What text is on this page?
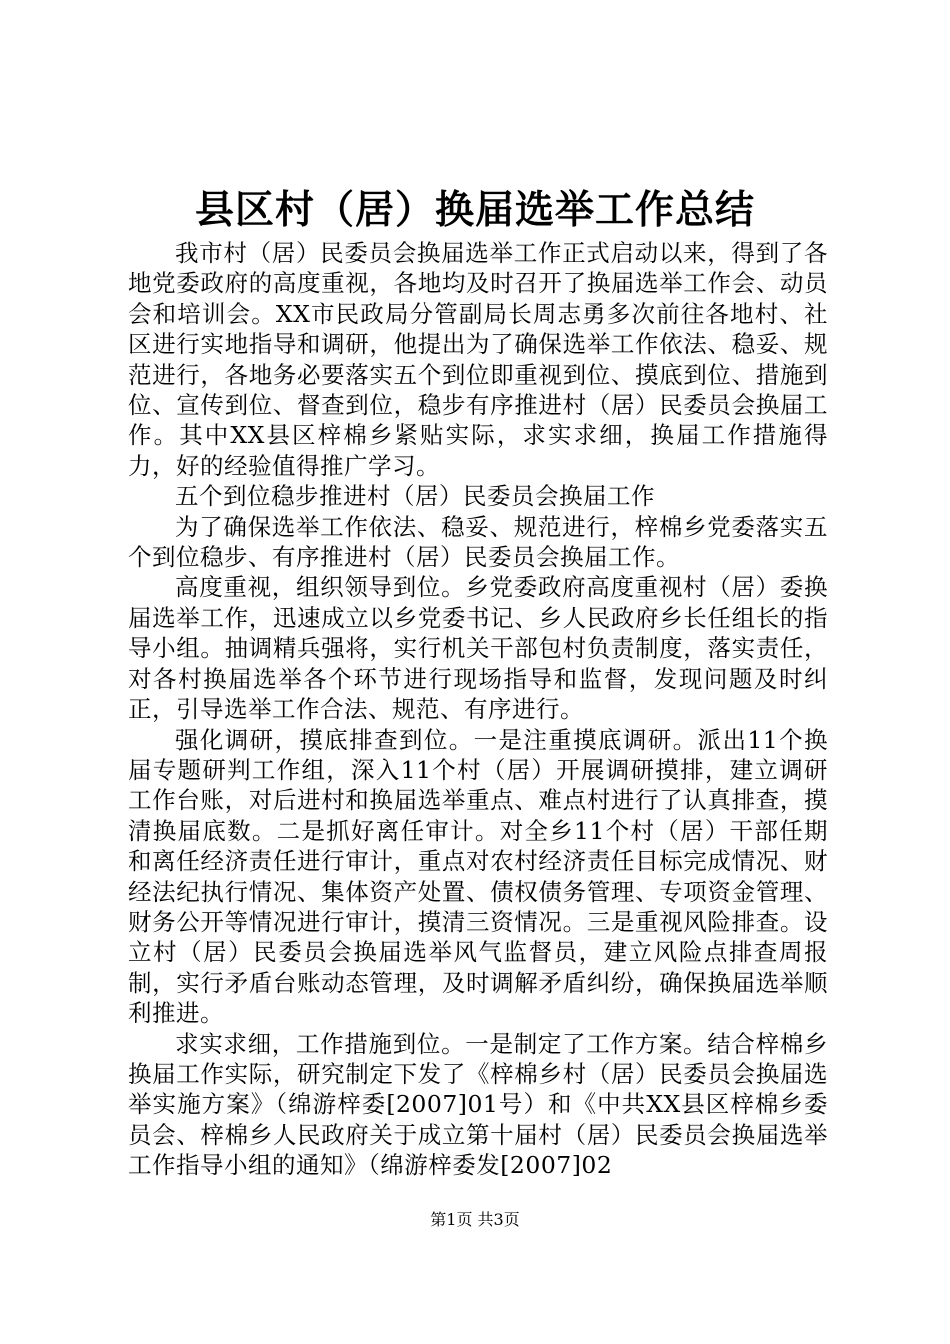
县区村（居）换届选举工作总结

我市村（居）民委员会换届选举工作正式启动以来，得到了各地党委政府的高度重视，各地均及时召开了换届选举工作会、动员会和培训会。XX市民政局分管副局长周志勇多次前往各地村、社区进行实地指导和调研，他提出为了确保选举工作依法、稳妥、规范进行，各地务必要落实五个到位即重视到位、摸底到位、措施到位、宣传到位、督查到位，稳步有序推进村（居）民委员会换届工作。其中XX县区梓棉乡紧贴实际，求实求细，换届工作措施得力，好的经验值得推广学习。

五个到位稳步推进村（居）民委员会换届工作

为了确保选举工作依法、稳妥、规范进行，梓棉乡党委落实五个到位稳步、有序推进村（居）民委员会换届工作。

高度重视，组织领导到位。乡党委政府高度重视村（居）委换届选举工作，迅速成立以乡党委书记、乡人民政府乡长任组长的指导小组。抽调精兵强将，实行机关干部包村负责制度，落实责任，对各村换届选举各个环节进行现场指导和监督，发现问题及时纠正，引导选举工作合法、规范、有序进行。

强化调研，摸底排查到位。一是注重摸底调研。派出11个换届专题研判工作组，深入11个村（居）开展调研摸排，建立调研工作台账，对后进村和换届选举重点、难点村进行了认真排查，摸清换届底数。二是抓好离任审计。对全乡11个村（居）干部任期和离任经济责任进行审计，重点对农村经济责任目标完成情况、财经法纪执行情况、集体资产处置、债权债务管理、专项资金管理、财务公开等情况进行审计，摸清三资情况。三是重视风险排查。设立村（居）民委员会换届选举风气监督员，建立风险点排查周报制，实行矛盾台账动态管理，及时调解矛盾纠纷，确保换届选举顺利推进。

求实求细，工作措施到位。一是制定了工作方案。结合梓棉乡换届工作实际，研究制定下发了《梓棉乡村（居）民委员会换届选举实施方案》（绵游梓委[2007]01号）和《中共XX县区梓棉乡委员会、梓棉乡人民政府关于成立第十届村（居）民委员会换届选举工作指导小组的通知》（绵游梓委发[2007]02

第1页 共3页
